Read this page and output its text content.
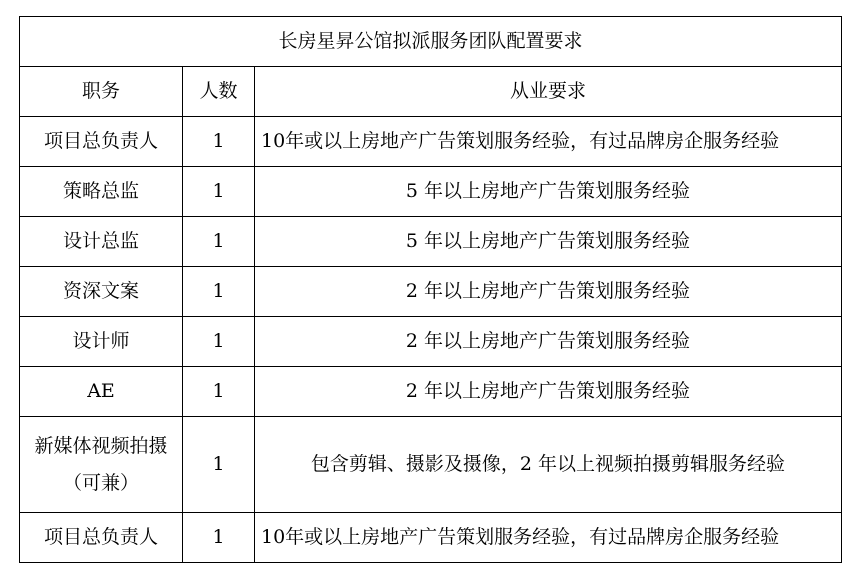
长房星昇公馆拟派服务团队配置要求		
职务	人数	从业要求
项目总负责人	1	10年或以上房地产广告策划服务经验，有过品牌房企服务经验
策略总监	1	5 年以上房地产广告策划服务经验
设计总监	1	5 年以上房地产广告策划服务经验
资深文案	1	2 年以上房地产广告策划服务经验
设计师	1	2 年以上房地产广告策划服务经验
AE	1	2 年以上房地产广告策划服务经验
新媒体视频拍摄（可兼）	1	包含剪辑、摄影及摄像，2 年以上视频拍摄剪辑服务经验
项目总负责人	1	10年或以上房地产广告策划服务经验，有过品牌房企服务经验
